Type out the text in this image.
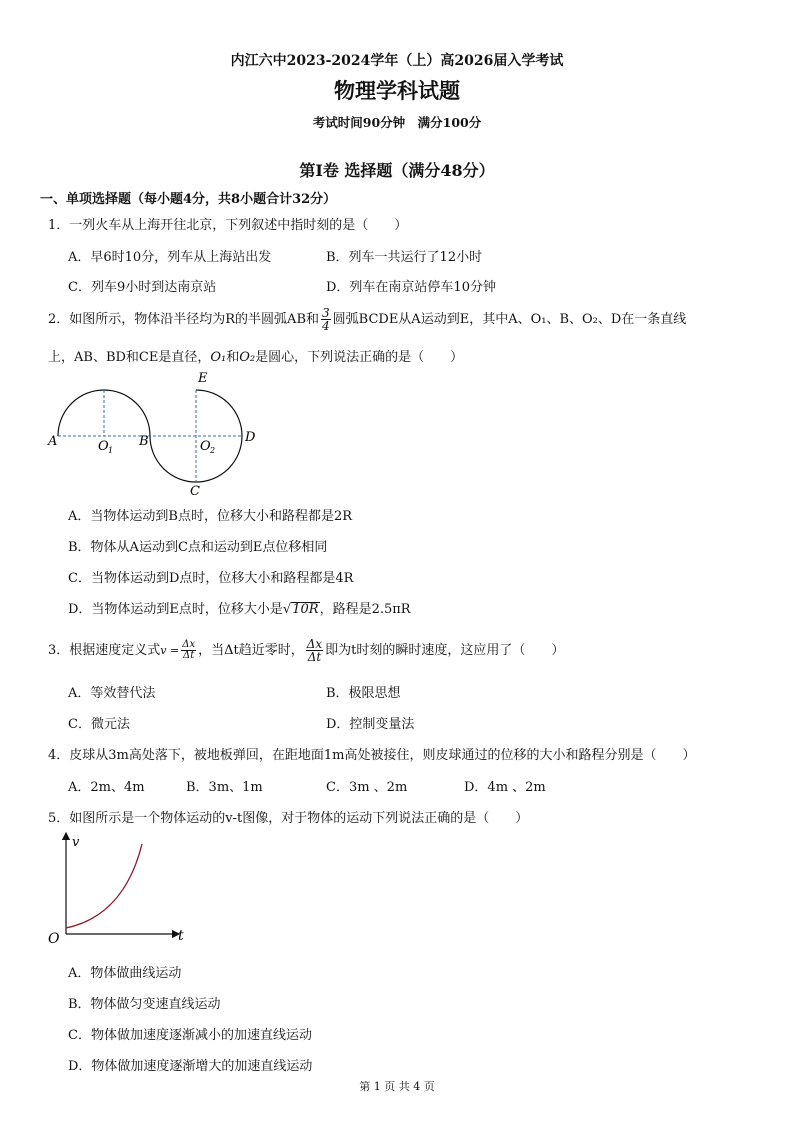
内江六中2023-2024学年（上）高2026届入学考试
物理学科试题
考试时间90分钟　满分100分
第Ⅰ卷 选择题（满分48分）
一、单项选择题（每小题4分，共8小题合计32分）
1．一列火车从上海开往北京，下列叙述中指时刻的是（　　）
A．早6时10分，列车从上海站出发	B．列车一共运行了12小时
C．列车9小时到达南京站	D．列车在南京站停车10分钟
2．如图所示，物体沿半径均为R的半圆弧AB和 $\frac{3}{4}$ 圆弧BCDE从A运动到E，其中A、O₁、B、O₂、D在一条直线
上，AB、BD和CE是直径，O₁和O₂是圆心，下列说法正确的是（　　）
A	O 1
B	O 2
D
E
C
A．当物体运动到B点时，位移大小和路程都是2R
B．物体从A运动到C点和运动到E点位移相同
C．当物体运动到D点时，位移大小和路程都是4R
D．当物体运动到E点时，位移大小是√10R，路程是2.5πR
3．根据速度定义式$v = \frac{\Delta x}{\Delta t}$ ，当Δt趋近零时， $\frac{\Delta x}{\Delta t}$ 即为t时刻的瞬时速度，这应用了（　　）
A．等效替代法	B．极限思想
C．微元法	D．控制变量法
4．皮球从3m高处落下，被地板弹回，在距地面1m高处被接住，则皮球通过的位移的大小和路程分别是（　　）
A．2m、4m	B．3m、1m	C．3m 、2m	D．4m 、2m
5．如图所示是一个物体运动的v-t图像，对于物体的运动下列说法正确的是（　　）
v
t
O
A．物体做曲线运动
B．物体做匀变速直线运动
C．物体做加速度逐渐减小的加速直线运动
D．物体做加速度逐渐增大的加速直线运动
第 1 页 共 4 页
